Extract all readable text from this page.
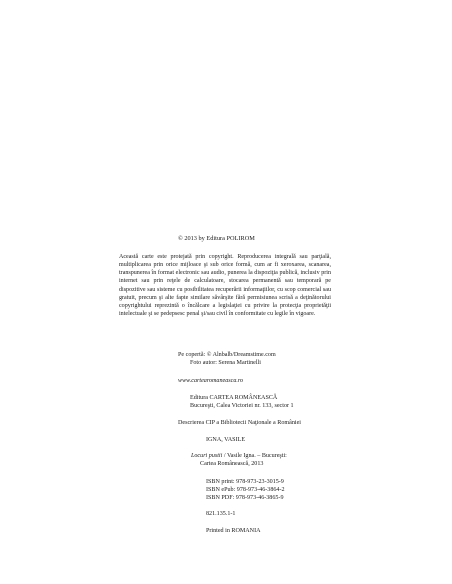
© 2013 by Editura POLIROM
Această carte este protejată prin copyright. Reproducerea integrală sau parţială, multiplicarea prin orice mijloace şi sub orice formă, cum ar fi xeroxarea, scanarea, transpunerea în format electronic sau audio, punerea la dispoziţia publică, inclusiv prin internet sau prin reţele de calculatoare, stocarea permanentă sau temporară pe dispozitive sau sisteme cu posibilitatea recuperării informaţiilor, cu scop comercial sau gratuit, precum şi alte fapte similare săvârşite fără permisiunea scrisă a deţinătorului copyrightului reprezintă o încălcare a legislaţiei cu privire la protecţia proprietăţii intelectuale şi se pedepsesc penal şi/sau civil în conformitate cu legile în vigoare.
Pe copertă: © Alnbalb/Dreamstime.com
Foto autor: Serena Martinelli
www.cartearomaneasca.ro
Editura CARTEA ROMÂNEASCĂ
Bucureşti, Calea Victoriei nr. 133, sector 1
Descrierea CIP a Bibliotecii Naţionale a României
IGNA, VASILE
Locuri pustii / Vasile Igna. – Bucureşti:
Cartea Românească, 2013
ISBN print: 978-973-23-3015-9
ISBN ePub: 978-973-46-3864-2
ISBN PDF: 978-973-46-3865-9
821.135.1-1
Printed in ROMANIA
